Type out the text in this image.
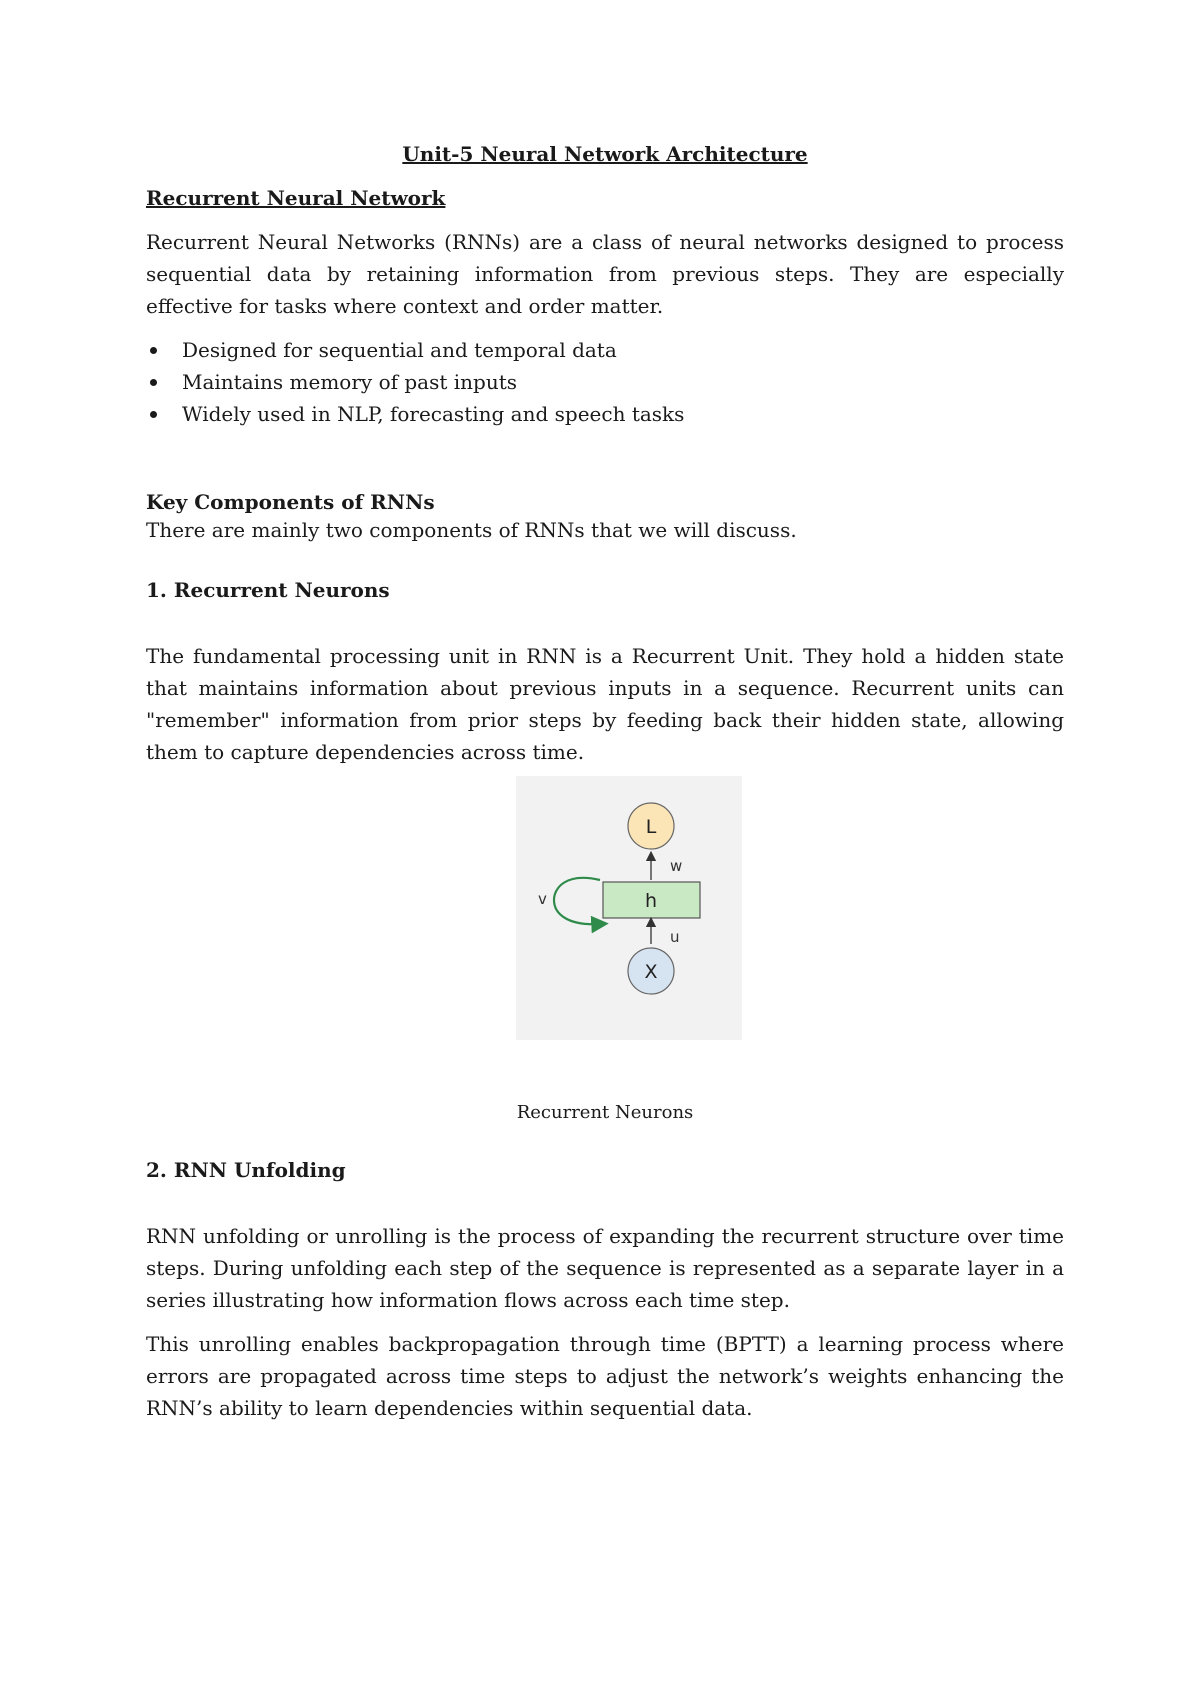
Unit-5 Neural Network Architecture
Recurrent Neural Network

Recurrent Neural Networks (RNNs) are a class of neural networks designed to process sequential data by retaining information from previous steps. They are especially effective for tasks where context and order matter.

Designed for sequential and temporal data
Maintains memory of past inputs
Widely used in NLP, forecasting and speech tasks
Key Components of RNNs

There are mainly two components of RNNs that we will discuss.

1. Recurrent Neurons

The fundamental processing unit in RNN is a Recurrent Unit. They hold a hidden state that maintains information about previous inputs in a sequence. Recurrent units can "remember" information from prior steps by feeding back their hidden state, allowing them to capture dependencies across time.

L
w
h
v
u
X
Recurrent Neurons
2. RNN Unfolding

RNN unfolding or unrolling is the process of expanding the recurrent structure over time steps. During unfolding each step of the sequence is represented as a separate layer in a series illustrating how information flows across each time step.

This unrolling enables backpropagation through time (BPTT) a learning process where errors are propagated across time steps to adjust the network’s weights enhancing the RNN’s ability to learn dependencies within sequential data.
